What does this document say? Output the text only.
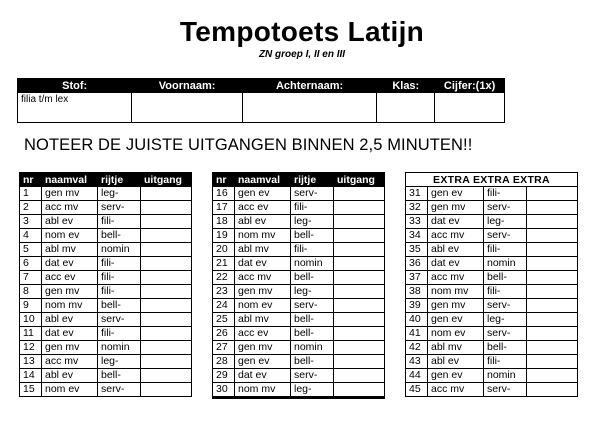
Tempotoets Latijn
ZN groep I, II en III
Stof:	Voornaam:	Achternaam:	Klas:	Cijfer:(1x)
filia t/m lex				
NOTEER DE JUISTE UITGANGEN BINNEN 2,5 MINUTEN!!
nr	naamval	rijtje	uitgang
1	gen mv	leg-	
2	acc mv	serv-	
3	abl ev	fili-	
4	nom ev	bell-	
5	abl mv	nomin	
6	dat ev	fili-	
7	acc ev	fili-	
8	gen mv	fili-	
9	nom mv	bell-	
10	abl ev	serv-	
11	dat ev	fili-	
12	gen mv	nomin	
13	acc mv	leg-	
14	abl ev	bell-	
15	nom ev	serv-	
nr	naamval	rijtje	uitgang
16	gen ev	serv-	
17	acc ev	fili-	
18	abl ev	leg-	
19	nom mv	bell-	
20	abl mv	fili-	
21	dat ev	nomin	
22	acc mv	bell-	
23	gen mv	leg-	
24	nom ev	serv-	
25	abl mv	bell-	
26	acc ev	bell-	
27	gen mv	nomin	
28	gen ev	bell-	
29	dat ev	serv-	
30	nom mv	leg-	
EXTRA EXTRA EXTRA			
31	gen ev	fili-	
32	gen mv	serv-	
33	dat ev	leg-	
34	acc mv	serv-	
35	abl ev	fili-	
36	dat ev	nomin	
37	acc mv	bell-	
38	nom mv	fili-	
39	gen mv	serv-	
40	gen ev	leg-	
41	nom ev	serv-	
42	abl mv	bell-	
43	abl ev	fili-	
44	gen ev	nomin	
45	acc mv	serv-	
